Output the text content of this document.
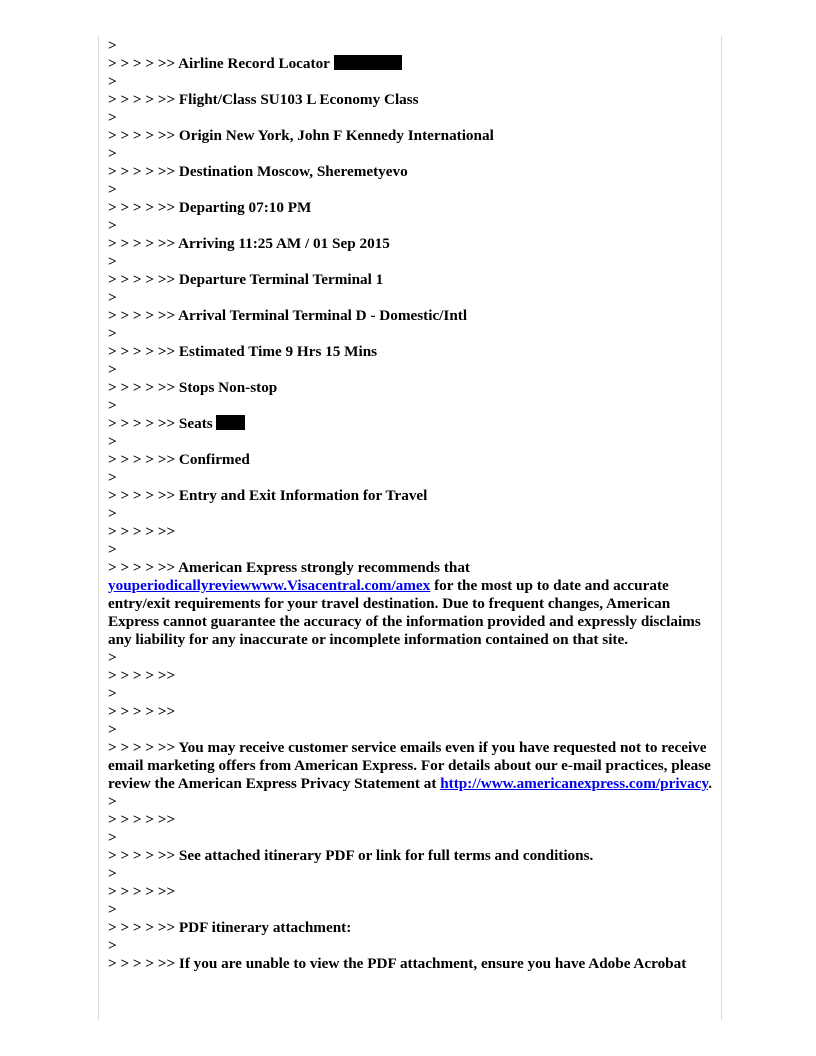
>

> > > > >> Airline Record Locator

>

> > > > >> Flight/Class SU103 L Economy Class

>

> > > > >> Origin New York, John F Kennedy International

>

> > > > >> Destination Moscow, Sheremetyevo

>

> > > > >> Departing 07:10 PM

>

> > > > >> Arriving 11:25 AM / 01 Sep 2015

>

> > > > >> Departure Terminal Terminal 1

>

> > > > >> Arrival Terminal Terminal D - Domestic/Intl

>

> > > > >> Estimated Time 9 Hrs 15 Mins

>

> > > > >> Stops Non-stop

>

> > > > >> Seats

>

> > > > >> Confirmed

>

> > > > >> Entry and Exit Information for Travel

>

> > > > >>

>

> > > > >> American Express strongly recommends that
youperiodicallyreviewwww.Visacentral.com/amex for the most up to date and accurate entry/exit requirements for your travel destination. Due to frequent changes, American Express cannot guarantee the accuracy of the information provided and expressly disclaims any liability for any inaccurate or incomplete information contained on that site.

>

> > > > >>

>

> > > > >>

>

> > > > >> You may receive customer service emails even if you have requested not to receive email marketing offers from American Express. For details about our e-mail practices, please review the American Express Privacy Statement at http://www.americanexpress.com/privacy.

>

> > > > >>

>

> > > > >> See attached itinerary PDF or link for full terms and conditions.

>

> > > > >>

>

> > > > >> PDF itinerary attachment:

>

> > > > >> If you are unable to view the PDF attachment, ensure you have Adobe Acrobat
